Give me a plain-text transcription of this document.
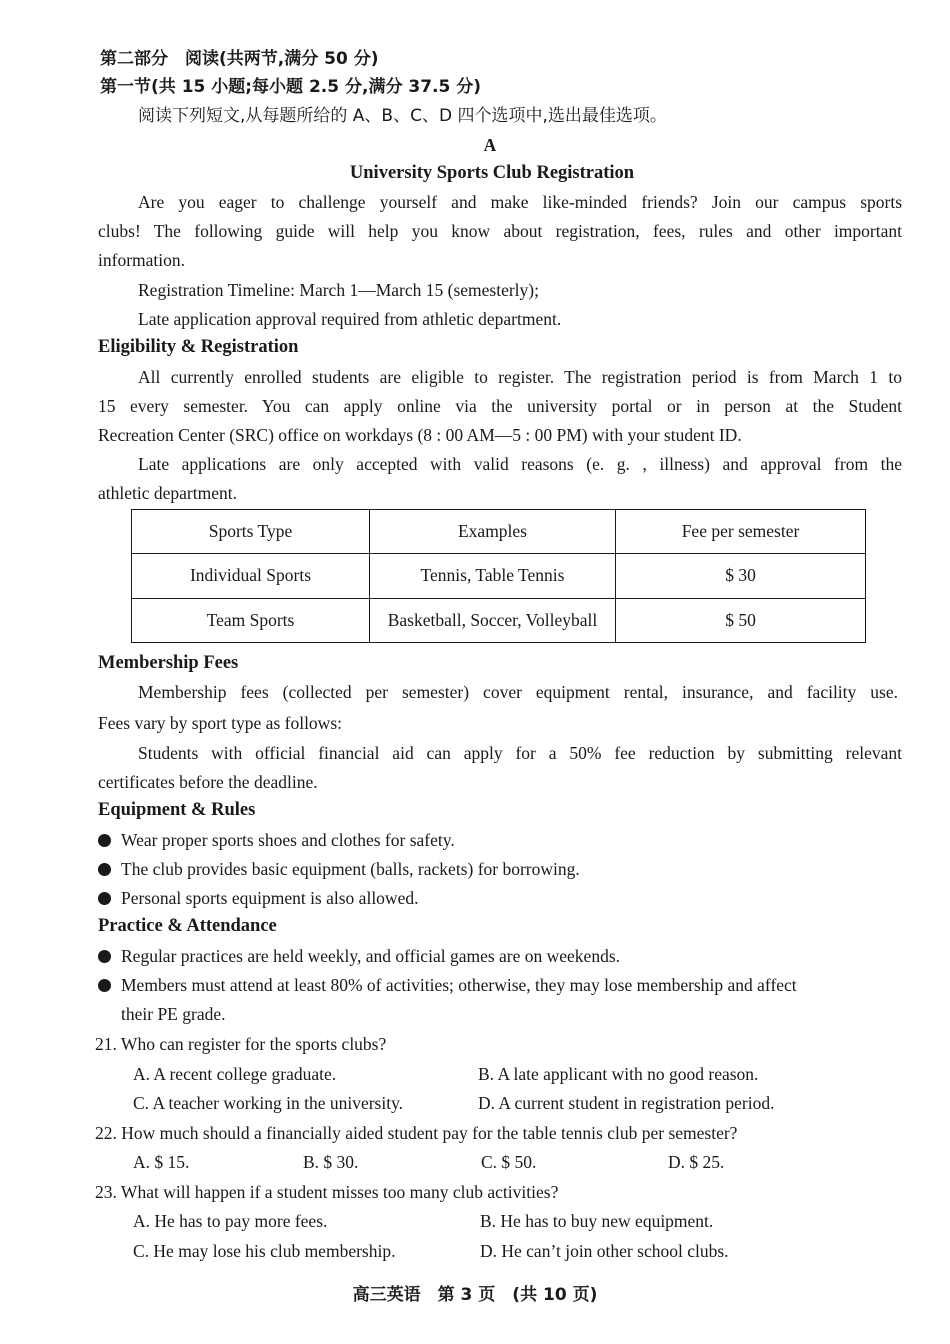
第二部分　阅读(共两节,满分 50 分)
第一节(共 15 小题;每小题 2.5 分,满分 37.5 分)
阅读下列短文,从每题所给的 A、B、C、D 四个选项中,选出最佳选项。
A
University Sports Club Registration
Are you eager to challenge yourself and make like-minded friends? Join our campus sports
clubs! The following guide will help you know about registration, fees, rules and other important
information.
Registration Timeline: March 1—March 15 (semesterly);
Late application approval required from athletic department.
Eligibility & Registration
All currently enrolled students are eligible to register. The registration period is from March 1 to
15 every semester. You can apply online via the university portal or in person at the Student
Recreation Center (SRC) office on workdays (8 : 00 AM—5 : 00 PM) with your student ID.
Late applications are only accepted with valid reasons (e. g. , illness) and approval from the
athletic department.
Sports Type	Examples	Fee per semester
Individual Sports	Tennis, Table Tennis	$ 30
Team Sports	Basketball, Soccer, Volleyball	$ 50
Membership Fees
Membership fees (collected per semester) cover equipment rental, insurance, and facility use.
Fees vary by sport type as follows:
Students with official financial aid can apply for a 50% fee reduction by submitting relevant
certificates before the deadline.
Equipment & Rules
Wear proper sports shoes and clothes for safety.
The club provides basic equipment (balls, rackets) for borrowing.
Personal sports equipment is also allowed.
Practice & Attendance
Regular practices are held weekly, and official games are on weekends.
Members must attend at least 80% of activities; otherwise, they may lose membership and affect
their PE grade.
21. Who can register for the sports clubs?
A. A recent college graduate.	B. A late applicant with no good reason.
C. A teacher working in the university.	D. A current student in registration period.
22. How much should a financially aided student pay for the table tennis club per semester?
A. $ 15.	B. $ 30.	C. $ 50.	D. $ 25.
23. What will happen if a student misses too many club activities?
A. He has to pay more fees.	B. He has to buy new equipment.
C. He may lose his club membership.	D. He can’t join other school clubs.
高三英语　第 3 页　(共 10 页)
